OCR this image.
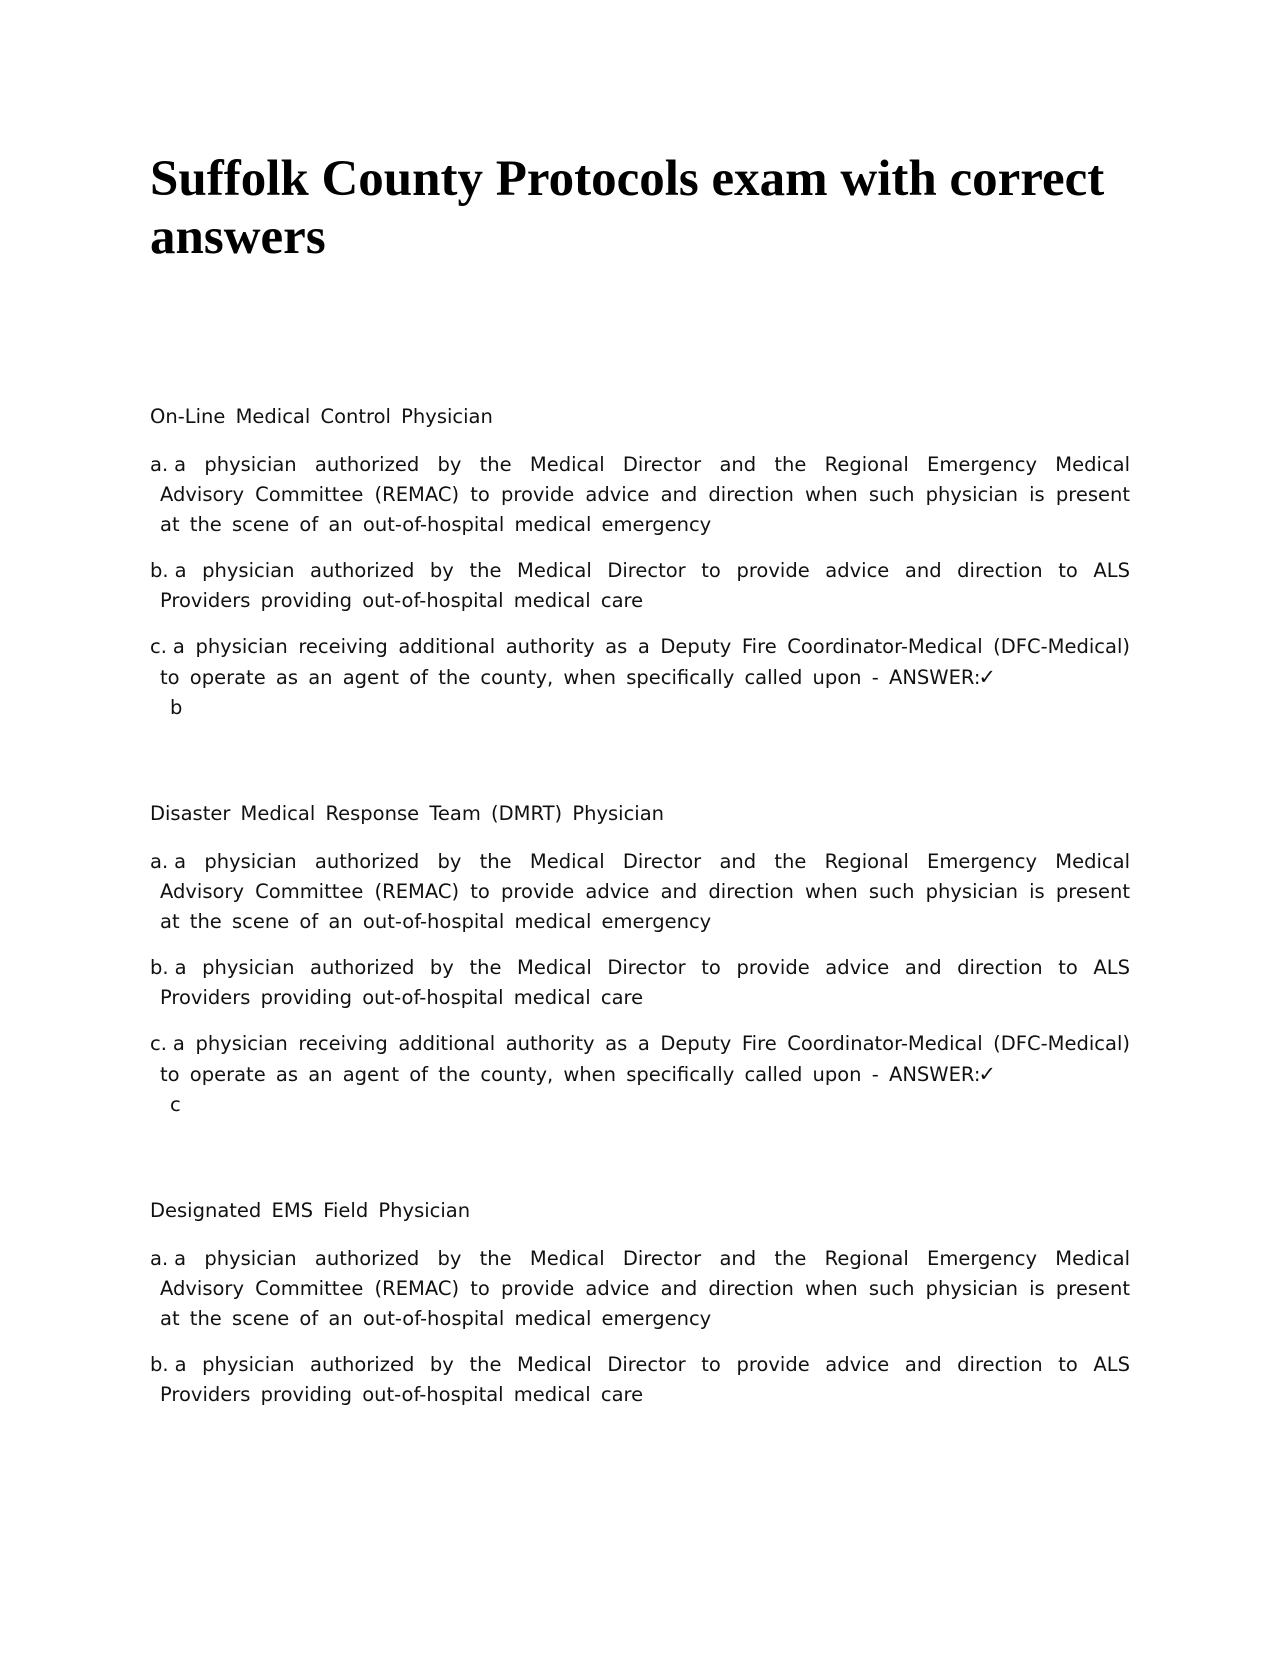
Suffolk County Protocols exam with correct answers

On-Line Medical Control Physician

a. a physician authorized by the Medical Director and the Regional Emergency Medical Advisory Committee (REMAC) to provide advice and direction when such physician is present at the scene of an out-of-hospital medical emergency

b. a physician authorized by the Medical Director to provide advice and direction to ALS Providers providing out-of-hospital medical care

c. a physician receiving additional authority as a Deputy Fire Coordinator-Medical (DFC-Medical) to operate as an agent of the county, when specifically called upon - ANSWER:✓
b

Disaster Medical Response Team (DMRT) Physician

a. a physician authorized by the Medical Director and the Regional Emergency Medical Advisory Committee (REMAC) to provide advice and direction when such physician is present at the scene of an out-of-hospital medical emergency

b. a physician authorized by the Medical Director to provide advice and direction to ALS Providers providing out-of-hospital medical care

c. a physician receiving additional authority as a Deputy Fire Coordinator-Medical (DFC-Medical) to operate as an agent of the county, when specifically called upon - ANSWER:✓
c

Designated EMS Field Physician

a. a physician authorized by the Medical Director and the Regional Emergency Medical Advisory Committee (REMAC) to provide advice and direction when such physician is present at the scene of an out-of-hospital medical emergency

b. a physician authorized by the Medical Director to provide advice and direction to ALS Providers providing out-of-hospital medical care
